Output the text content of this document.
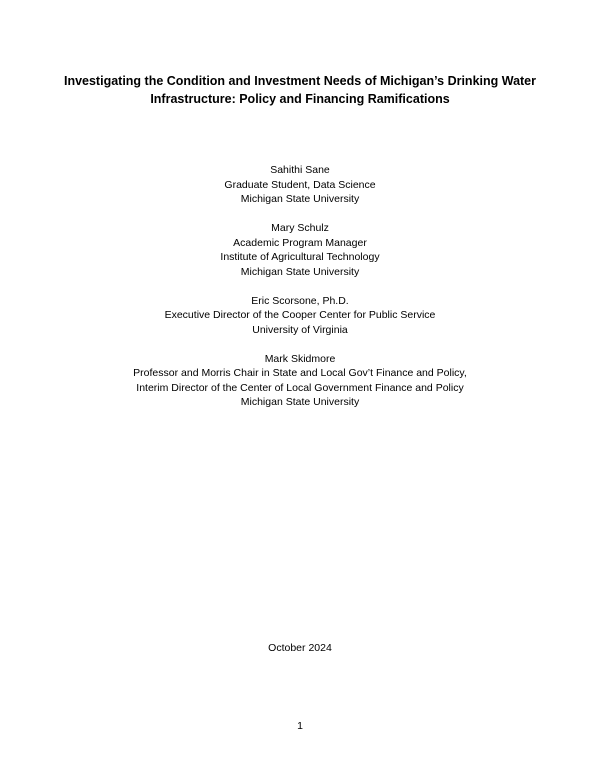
Investigating the Condition and Investment Needs of Michigan’s Drinking Water
Infrastructure: Policy and Financing Ramifications
Sahithi Sane
Graduate Student, Data Science
Michigan State University
Mary Schulz
Academic Program Manager
Institute of Agricultural Technology
Michigan State University
Eric Scorsone, Ph.D.
Executive Director of the Cooper Center for Public Service
University of Virginia
Mark Skidmore
Professor and Morris Chair in State and Local Gov’t Finance and Policy,
Interim Director of the Center of Local Government Finance and Policy
Michigan State University
October 2024
1
